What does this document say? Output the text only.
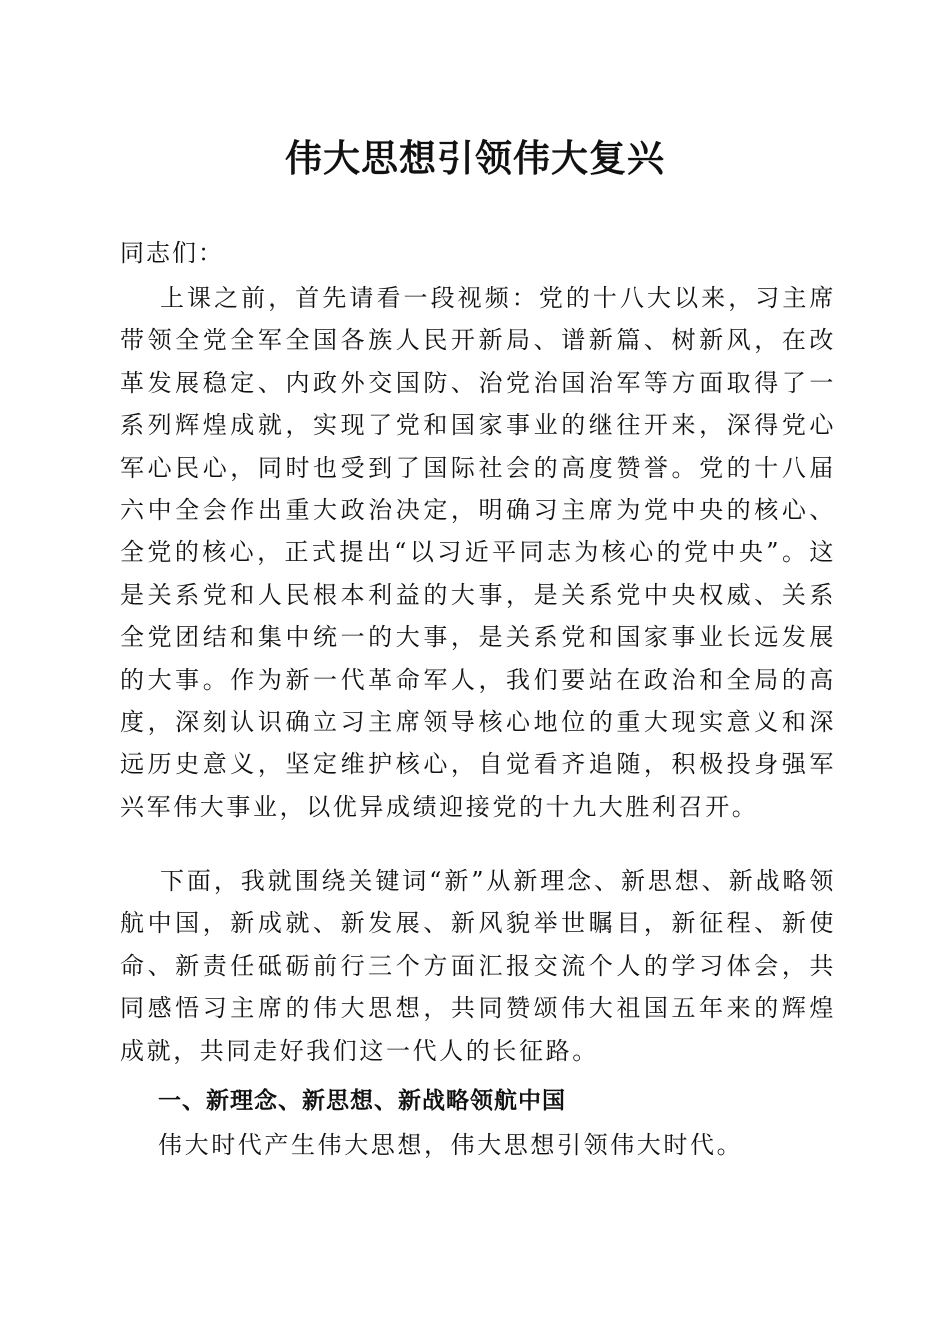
伟大思想引领伟大复兴
同志们：

上课之前，首先请看一段视频：党的十八大以来，习主席带领全党全军全国各族人民开新局、谱新篇、树新风，在改革发展稳定、内政外交国防、治党治国治军等方面取得了一系列辉煌成就，实现了党和国家事业的继往开来，深得党心军心民心，同时也受到了国际社会的高度赞誉。党的十八届六中全会作出重大政治决定，明确习主席为党中央的核心、全党的核心，正式提出“以习近平同志为核心的党中央”。这是关系党和人民根本利益的大事，是关系党中央权威、关系全党团结和集中统一的大事，是关系党和国家事业长远发展的大事。作为新一代革命军人，我们要站在政治和全局的高度，深刻认识确立习主席领导核心地位的重大现实意义和深远历史意义，坚定维护核心，自觉看齐追随，积极投身强军兴军伟大事业，以优异成绩迎接党的十九大胜利召开。

下面，我就围绕关键词“新”从新理念、新思想、新战略领航中国，新成就、新发展、新风貌举世瞩目，新征程、新使命、新责任砥砺前行三个方面汇报交流个人的学习体会，共同感悟习主席的伟大思想，共同赞颂伟大祖国五年来的辉煌成就，共同走好我们这一代人的长征路。

一、新理念、新思想、新战略领航中国

伟大时代产生伟大思想，伟大思想引领伟大时代。
